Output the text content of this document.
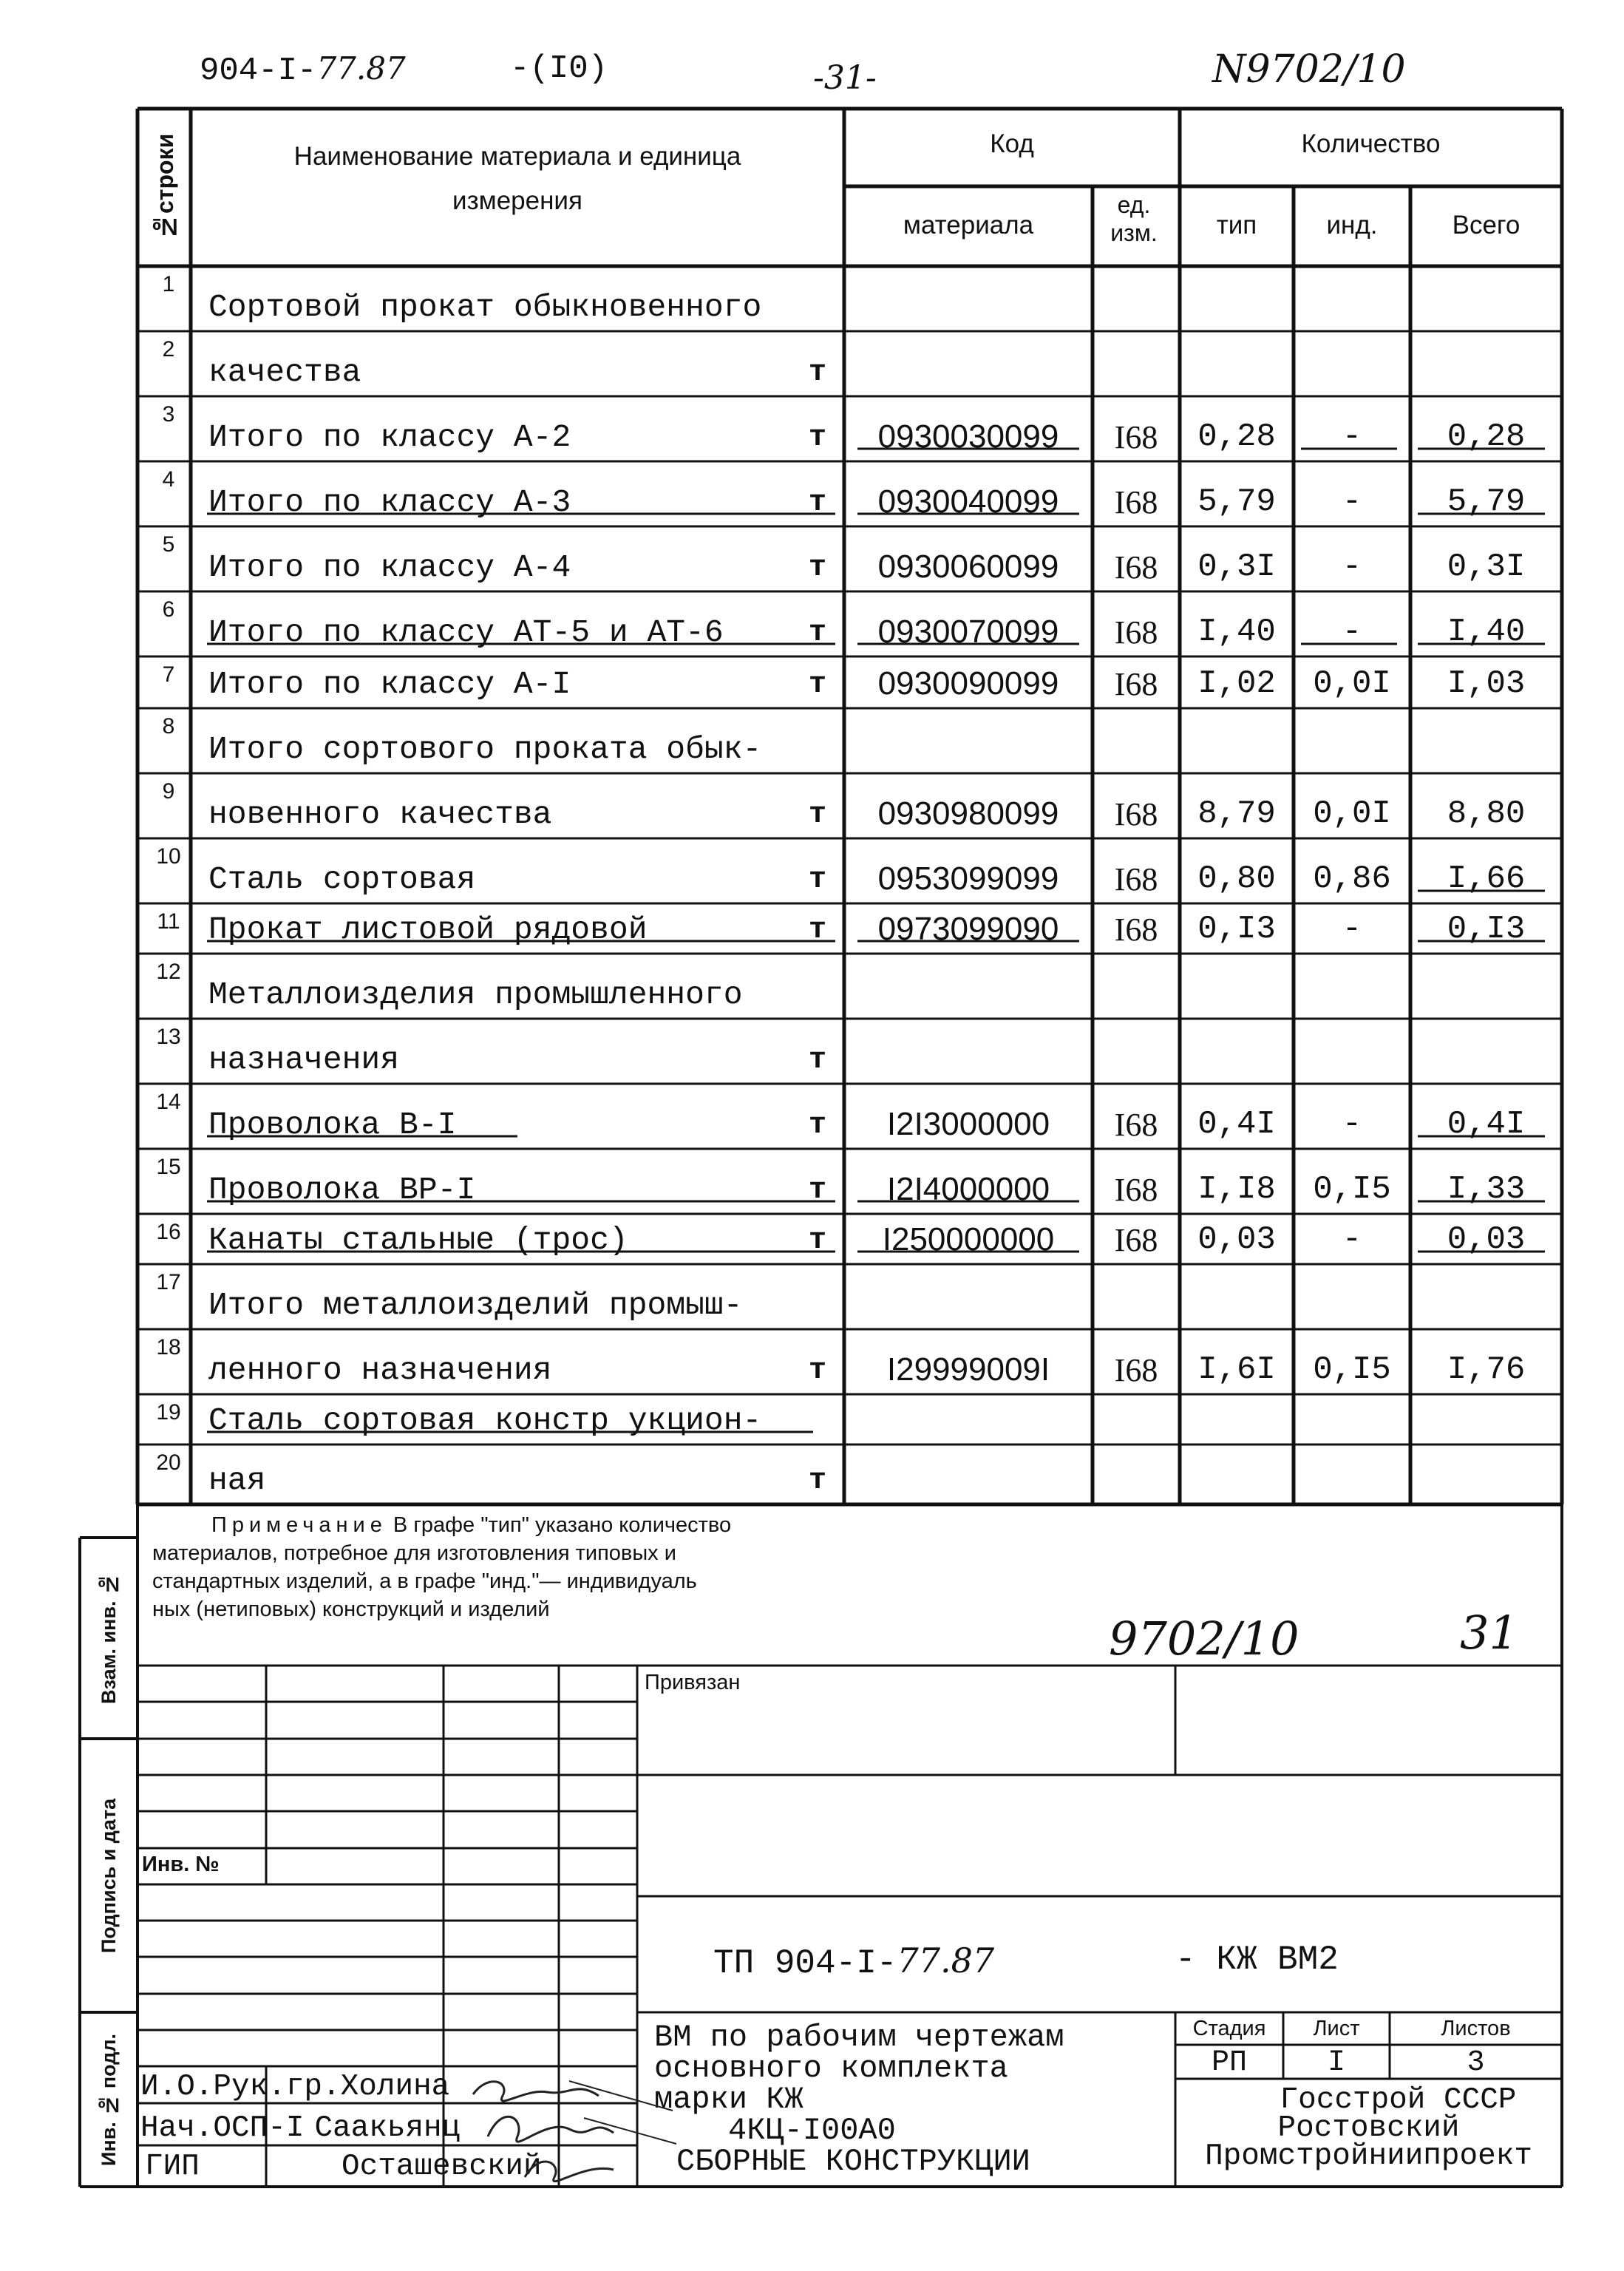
904-I-77.87	-(I0)	-31-	N9702/10
№строки	Наименование материала и единица измерения
Код	Количество
материала
ед. изм.	тип	инд.	Всего
1
Сортовой прокат обыкновенного
2
качества	т
3
Итого по классу А-2	т	0930030099	I68	0,28	-	0,28
4
Итого по классу А-3	т	0930040099	I68	5,79	-	5,79
5
Итого по классу А-4	т	0930060099	I68	0,3I	-	0,3I
6
Итого по классу АТ-5 и АТ-6	т	0930070099	I68	I,40	-	I,40
7	Итого по классу А-I	т	0930090099	I68	I,02	0,0I	I,03
8
Итого сортового проката обык-
9
новенного качества	т	0930980099	I68	8,79	0,0I	8,80
10
Сталь сортовая	т	0953099099	I68	0,80	0,86	I,66
11 Прокат листовой рядовой	т	0973099090	I68	0,I3	-	0,I3
12
Металлоизделия промышленного
13
назначения	т
14
Проволока В-I	т	I2I3000000	I68	0,4I	-	0,4I
15
Проволока ВР-I	т	I2I4000000	I68	I,I8	0,I5	I,33
16 Канаты стальные (трос)	т	I250000000	I68	0,03	-	0,03
17
Итого металлоизделий промыш-
18
ленного назначения	т	I29999009I	I68	I,6I	0,I5	I,76
19 Сталь сортовая констр укцион-
20 ная	т
Примечание В графе "тип" указано количество
материалов, потребное для изготовления типовых и
стандартных изделий, а в графе "инд."— индивидуаль
ных (нетиповых) конструкций и изделий
9702/10	31
Взам. инв. №
Подпись и дата
Инв. № подл.
Привязан
Инв. №
ТП 904-I-77.87	- КЖ ВМ2
ВМ по рабочим чертежам
основного комплекта
марки КЖ
4КЦ-I00А0
СБОРНЫЕ КОНСТРУКЦИИ
Стадия	Лист	Листов
РП	I	3
Госстрой СССР
Ростовский
Промстройниипроект
И.О.Рук.гр.Холина
Нач.ОСП-I Саакьянц
ГИП	Осташевский
